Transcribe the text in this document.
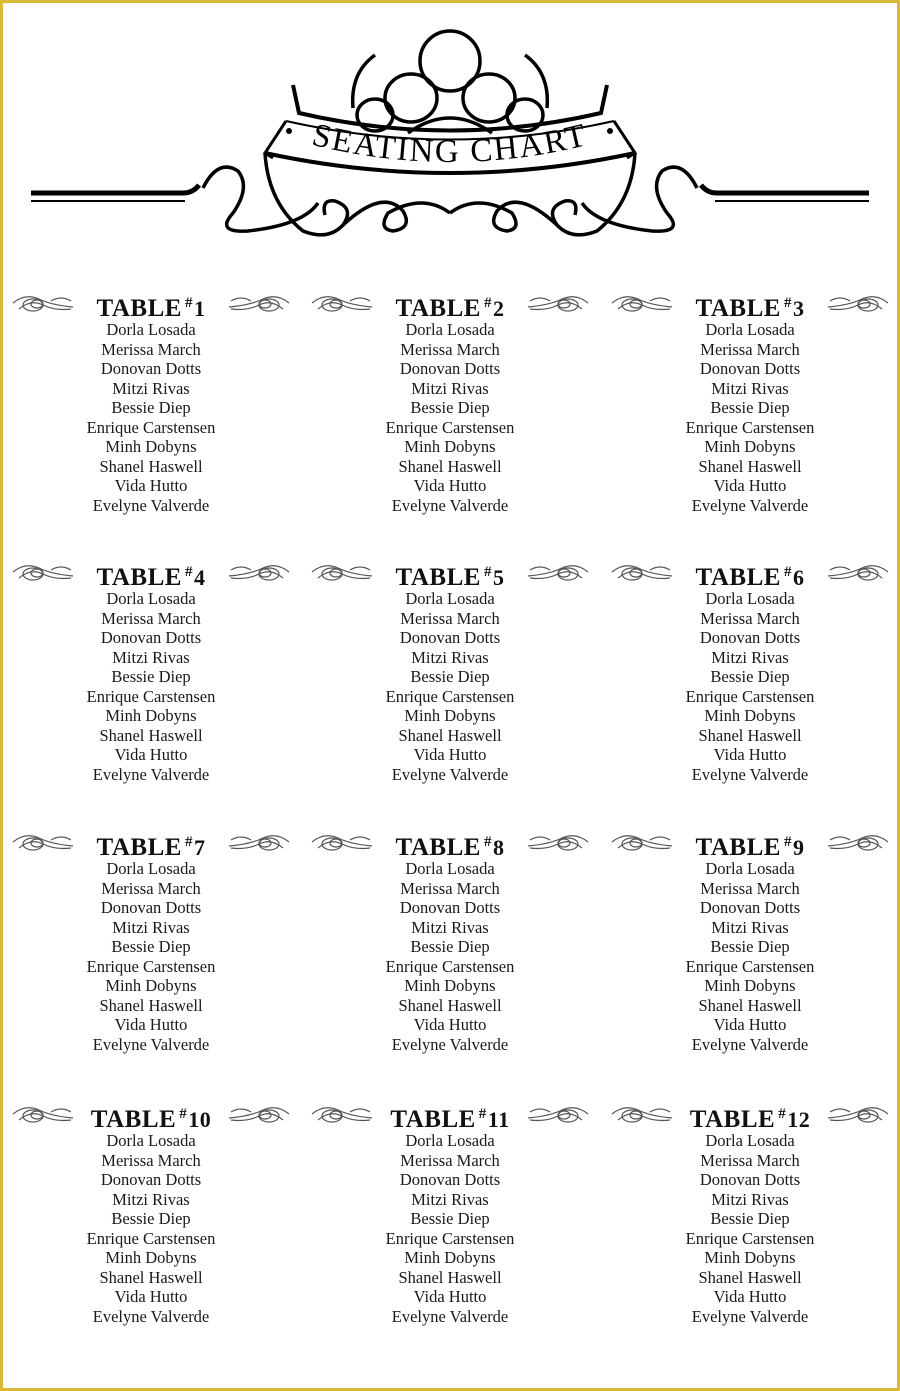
SEATING CHART
TABLE #1
Dorla Losada
Merissa March
Donovan Dotts
Mitzi Rivas
Bessie Diep
Enrique Carstensen
Minh Dobyns
Shanel Haswell
Vida Hutto
Evelyne Valverde
TABLE #2
Dorla Losada
Merissa March
Donovan Dotts
Mitzi Rivas
Bessie Diep
Enrique Carstensen
Minh Dobyns
Shanel Haswell
Vida Hutto
Evelyne Valverde
TABLE #3
Dorla Losada
Merissa March
Donovan Dotts
Mitzi Rivas
Bessie Diep
Enrique Carstensen
Minh Dobyns
Shanel Haswell
Vida Hutto
Evelyne Valverde
TABLE #4
Dorla Losada
Merissa March
Donovan Dotts
Mitzi Rivas
Bessie Diep
Enrique Carstensen
Minh Dobyns
Shanel Haswell
Vida Hutto
Evelyne Valverde
TABLE #5
Dorla Losada
Merissa March
Donovan Dotts
Mitzi Rivas
Bessie Diep
Enrique Carstensen
Minh Dobyns
Shanel Haswell
Vida Hutto
Evelyne Valverde
TABLE #6
Dorla Losada
Merissa March
Donovan Dotts
Mitzi Rivas
Bessie Diep
Enrique Carstensen
Minh Dobyns
Shanel Haswell
Vida Hutto
Evelyne Valverde
TABLE #7
Dorla Losada
Merissa March
Donovan Dotts
Mitzi Rivas
Bessie Diep
Enrique Carstensen
Minh Dobyns
Shanel Haswell
Vida Hutto
Evelyne Valverde
TABLE #8
Dorla Losada
Merissa March
Donovan Dotts
Mitzi Rivas
Bessie Diep
Enrique Carstensen
Minh Dobyns
Shanel Haswell
Vida Hutto
Evelyne Valverde
TABLE #9
Dorla Losada
Merissa March
Donovan Dotts
Mitzi Rivas
Bessie Diep
Enrique Carstensen
Minh Dobyns
Shanel Haswell
Vida Hutto
Evelyne Valverde
TABLE #10
Dorla Losada
Merissa March
Donovan Dotts
Mitzi Rivas
Bessie Diep
Enrique Carstensen
Minh Dobyns
Shanel Haswell
Vida Hutto
Evelyne Valverde
TABLE #11
Dorla Losada
Merissa March
Donovan Dotts
Mitzi Rivas
Bessie Diep
Enrique Carstensen
Minh Dobyns
Shanel Haswell
Vida Hutto
Evelyne Valverde
TABLE #12
Dorla Losada
Merissa March
Donovan Dotts
Mitzi Rivas
Bessie Diep
Enrique Carstensen
Minh Dobyns
Shanel Haswell
Vida Hutto
Evelyne Valverde
